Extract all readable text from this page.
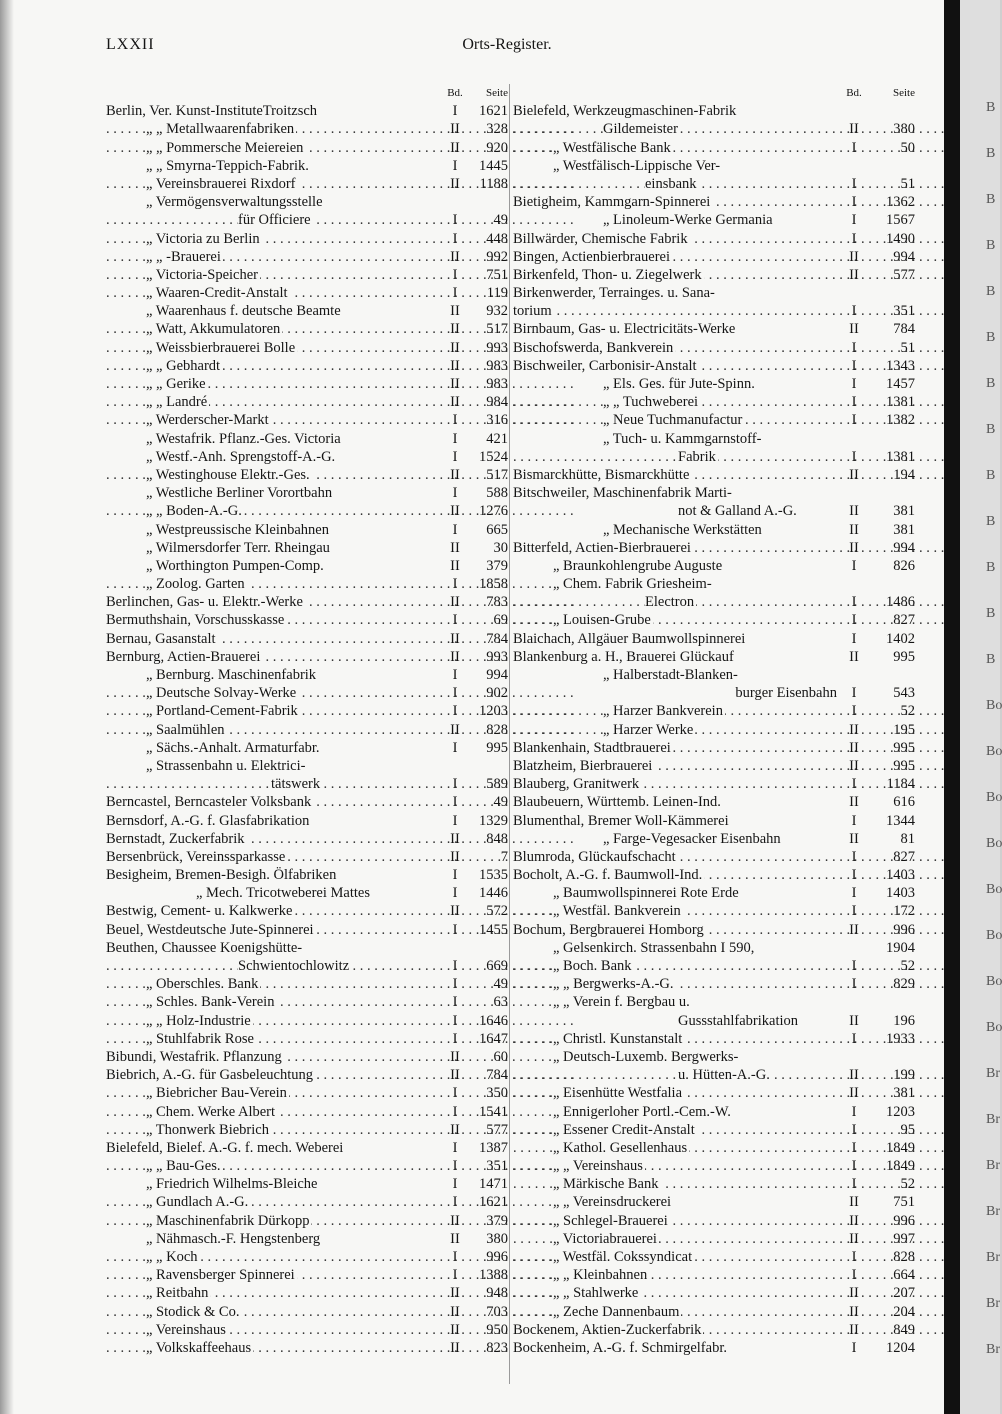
LXXII	Orts-Register.
Bd.	Seite
Berlin, Ver. Kunst-InstituteTroitzsch	I	1621
„ „ Metallwaarenfabriken . . .	II	328
„ „ Pommersche Meiereien . . .	II	920
„ „ Smyrna-Teppich-Fabrik.	I	1445
„ Vereinsbrauerei Rixdorf . . .	II	1188
„ Vermögensverwaltungsstelle
für Officiere . . .	I	49
„ Victoria zu Berlin . . .	I	448
„ „ -Brauerei . . .	II	992
„ Victoria-Speicher . . .	I	751
„ Waaren-Credit-Anstalt . . .	I	119
„ Waarenhaus f. deutsche Beamte	II	932
„ Watt, Akkumulatoren . . .	II	517
„ Weissbierbrauerei Bolle . . .	II	993
„ „ Gebhardt . . .	II	983
„ „ Gerike . . .	II	983
„ „ Landré . . .	II	984
„ Werderscher-Markt . . .	I	316
„ Westafrik. Pflanz.-Ges. Victoria	I	421
„ Westf.-Anh. Sprengstoff-A.-G.	I	1524
„ Westinghouse Elektr.-Ges. . . .	II	517
„ Westliche Berliner Vorortbahn	I	588
„ „ Boden-A.-G. . . .	II	1276
„ Westpreussische Kleinbahnen	I	665
„ Wilmersdorfer Terr. Rheingau	II	30
„ Worthington Pumpen-Comp.	II	379
„ Zoolog. Garten . . .	I	1858
Berlinchen, Gas- u. Elektr.-Werke . . .	II	783
Bermuthshain, Vorschusskasse . . .	I	69
Bernau, Gasanstalt . . .	II	784
Bernburg, Actien-Brauerei . . .	II	993
„ Bernburg. Maschinenfabrik	I	994
„ Deutsche Solvay-Werke . . .	I	902
„ Portland-Cement-Fabrik . . .	I	1203
„ Saalmühlen . . .	II	828
„ Sächs.-Anhalt. Armaturfabr.	I	995
„ Strassenbahn u. Elektrici-
tätswerk . . .	I	589
Berncastel, Berncasteler Volksbank . . .	I	49
Bernsdorf, A.-G. f. Glasfabrikation	I	1329
Bernstadt, Zuckerfabrik . . .	II	848
Bersenbrück, Vereinssparkasse . . .	II	7
Besigheim, Bremen-Besigh. Ölfabriken	I	1535
„ Mech. Tricotweberei Mattes	I	1446
Bestwig, Cement- u. Kalkwerke . . .	II	572
Beuel, Westdeutsche Jute-Spinnerei . . .	I	1455
Beuthen, Chaussee Koenigshütte-
Schwientochlowitz . . .	I	669
„ Oberschles. Bank . . .	I	49
„ Schles. Bank-Verein . . .	I	63
„ „ Holz-Industrie . . .	I	1646
„ Stuhlfabrik Rose . . .	I	1647
Bibundi, Westafrik. Pflanzung . . .	II	60
Biebrich, A.-G. für Gasbeleuchtung . . .	II	784
„ Biebricher Bau-Verein . . .	I	350
„ Chem. Werke Albert . . .	I	1541
„ Thonwerk Biebrich . . .	II	577
Bielefeld, Bielef. A.-G. f. mech. Weberei	I	1387
„ „ Bau-Ges. . . .	I	351
„ Friedrich Wilhelms-Bleiche	I	1471
„ Gundlach A.-G. . . .	I	1621
„ Maschinenfabrik Dürkopp . . .	II	379
„ Nähmasch.-F. Hengstenberg	II	380
„ „ Koch . . .	I	996
„ Ravensberger Spinnerei . . .	I	1388
„ Reitbahn . . .	II	948
„ Stodick & Co. . . .	II	703
„ Vereinshaus . . .	II	950
„ Volkskaffeehaus . . .	II	823
Bd.	Seite
Bielefeld, Werkzeugmaschinen-Fabrik
Gildemeister . . .	II	380
„ Westfälische Bank . . .	I	50
„ Westfälisch-Lippische Ver-
einsbank . . .	I	51
Bietigheim, Kammgarn-Spinnerei . . .	I	1362
„ Linoleum-Werke Germania	I	1567
Billwärder, Chemische Fabrik . . .	I	1490
Bingen, Actienbierbrauerei . . .	II	994
Birkenfeld, Thon- u. Ziegelwerk . . .	II	577
Birkenwerder, Terrainges. u. Sana-
torium . . .	I	351
Birnbaum, Gas- u. Electricitäts-Werke	II	784
Bischofswerda, Bankverein . . .	I	51
Bischweiler, Carbonisir-Anstalt . . .	I	1343
„ Els. Ges. für Jute-Spinn.	I	1457
„ „ Tuchweberei . . .	I	1381
„ Neue Tuchmanufactur . . .	I	1382
„ Tuch- u. Kammgarnstoff-
Fabrik . . .	I	1381
Bismarckhütte, Bismarckhütte . . .	II	194
Bitschweiler, Maschinenfabrik Marti-
not & Galland A.-G.	II	381
„ Mechanische Werkstätten	II	381
Bitterfeld, Actien-Bierbrauerei . . .	II	994
„ Braunkohlengrube Auguste	I	826
„ Chem. Fabrik Griesheim-
Electron . . .	I	1486
„ Louisen-Grube . . .	I	827
Blaichach, Allgäuer Baumwollspinnerei	I	1402
Blankenburg a. H., Brauerei Glückauf	II	995
„ Halberstadt-Blanken-
burger Eisenbahn	I	543
„ Harzer Bankverein . . .	I	52
„ Harzer Werke . . .	II	195
Blankenhain, Stadtbrauerei . . .	II	995
Blatzheim, Bierbrauerei . . .	II	995
Blauberg, Granitwerk . . .	I	1184
Blaubeuern, Württemb. Leinen-Ind.	II	616
Blumenthal, Bremer Woll-Kämmerei	I	1344
„ Farge-Vegesacker Eisenbahn	II	81
Blumroda, Glückaufschacht . . .	I	827
Bocholt, A.-G. f. Baumwoll-Ind. . . .	I	1403
„ Baumwollspinnerei Rote Erde	I	1403
„ Westfäl. Bankverein . . .	I	172
Bochum, Bergbrauerei Homborg . . .	II	996
„ Gelsenkirch. Strassenbahn I 590,	1904
„ Boch. Bank . . .	I	52
„ „ Bergwerks-A.-G. . . .	I	829
„ „ Verein f. Bergbau u.
Gussstahlfabrikation	II	196
„ Christl. Kunstanstalt . . .	I	1933
„ Deutsch-Luxemb. Bergwerks-
u. Hütten-A.-G. . . .	II	199
„ Eisenhütte Westfalia . . .	II	381
„ Ennigerloher Portl.-Cem.-W.	I	1203
„ Essener Credit-Anstalt . . .	I	95
„ Kathol. Gesellenhaus . . .	I	1849
„ „ Vereinshaus . . .	I	1849
„ Märkische Bank . . .	I	52
„ „ Vereinsdruckerei	II	751
„ Schlegel-Brauerei . . .	II	996
„ Victoriabrauerei . . .	II	997
„ Westfäl. Cokssyndicat . . .	I	828
„ „ Kleinbahnen . . .	I	664
„ „ Stahlwerke . . .	II	207
„ Zeche Dannenbaum . . .	II	204
Bockenem, Aktien-Zuckerfabrik . . .	II	849
Bockenheim, A.-G. f. Schmirgelfabr.	I	1204
B
B
B
B
B
B
B
B
B
B
B
B
B
Bo
Bo
Bo
Bo
Bo
Bo
Bo
Bo
Br
Br
Br
Br
Br
Br
Br
